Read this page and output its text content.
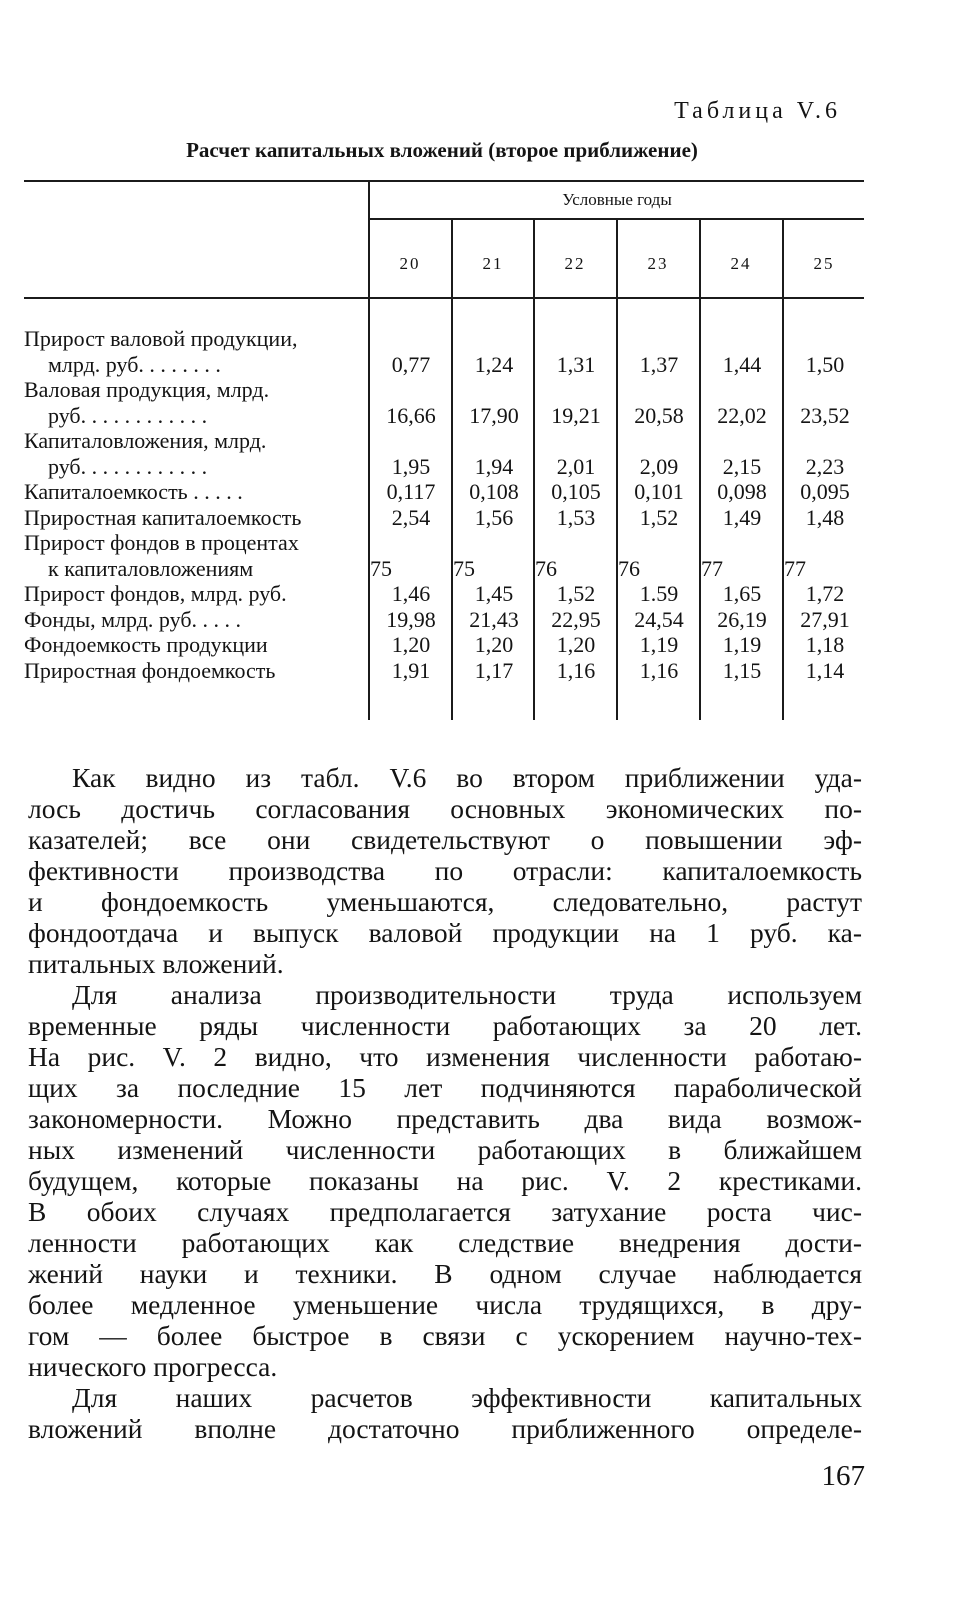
Таблица V.6
Расчет капитальных вложений (второе приближение)
Условные годы
20	21	22	23	24	25
Прирост валовой продукции,
млрд. руб. . . . . . . .	0,77	1,24	1,31	1,37	1,44	1,50
Валовая продукция, млрд.
руб. . . . . . . . . . . .	16,66	17,90	19,21	20,58	22,02	23,52
Капиталовложения, млрд.
руб. . . . . . . . . . . .	1,95	1,94	2,01	2,09	2,15	2,23
Капиталоемкость . . . . .	0,117	0,108	0,105	0,101	0,098	0,095
Приростная капиталоемкость	2,54	1,56	1,53	1,52	1,49	1,48
Прирост фондов в процентах
к капиталовложениям	75	75	76	76	77	77
Прирост фондов, млрд. руб.	1,46	1,45	1,52	1.59	1,65	1,72
Фонды, млрд. руб. . . . .	19,98	21,43	22,95	24,54	26,19	27,91
Фондоемкость продукции	1,20	1,20	1,20	1,19	1,19	1,18
Приростная фондоемкость	1,91	1,17	1,16	1,16	1,15	1,14

Как видно из табл. V.6 во втором приближении уда-

лось достичь согласования основных экономических по-

казателей; все они свидетельствуют о повышении эф-

фективности производства по отрасли: капиталоемкость

и фондоемкость уменьшаются, следовательно, растут

фондоотдача и выпуск валовой продукции на 1 руб. ка-

питальных вложений.

Для анализа производительности труда используем

временные ряды численности работающих за 20 лет.

На рис. V. 2 видно, что изменения численности работаю-

щих за последние 15 лет подчиняются параболической

закономерности. Можно представить два вида возмож-

ных изменений численности работающих в ближайшем

будущем, которые показаны на рис. V. 2 крестиками.

В обоих случаях предполагается затухание роста чис-

ленности работающих как следствие внедрения дости-

жений науки и техники. В одном случае наблюдается

более медленное уменьшение числа трудящихся, в дру-

гом — более быстрое в связи с ускорением научно-тех-

нического прогресса.

Для наших расчетов эффективности капитальных

вложений вполне достаточно приближенного определе-

167
